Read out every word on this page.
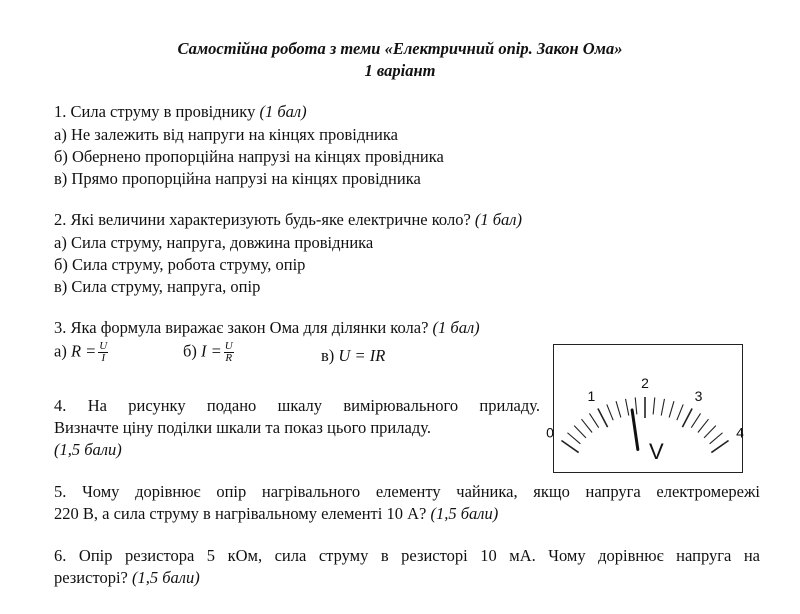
Самостійна робота з теми «Електричний опір. Закон Ома»
1 варіант
1. Сила струму в провіднику (1 бал)
а) Не залежить від напруги на кінцях провідника
б) Обернено пропорційна напрузі на кінцях провідника
в) Прямо пропорційна напрузі на кінцях провідника
2. Які величини характеризують будь-яке електричне коло? (1 бал)
а) Сила струму, напруга, довжина провідника
б) Сила струму, робота струму, опір
в) Сила струму, напруга, опір
3. Яка формула виражає закон Ома для ділянки кола? (1 бал)
а) $R = \frac{U}{I}$	б) $I = \frac{U}{R}$	в) U = IR
4. На рисунку подано шкалу вимірювального приладу.
Визначте ціну поділки шкали та показ цього приладу.
(1,5 бали)
0
1
2
3
4
V
5. Чому дорівнює опір нагрівального елементу чайника, якщо напруга електромережі
220 В, а сила струму в нагрівальному елементі 10 А? (1,5 бали)
6. Опір резистора 5 кОм, сила струму в резисторі 10 мА. Чому дорівнює напруга на
резисторі? (1,5 бали)
